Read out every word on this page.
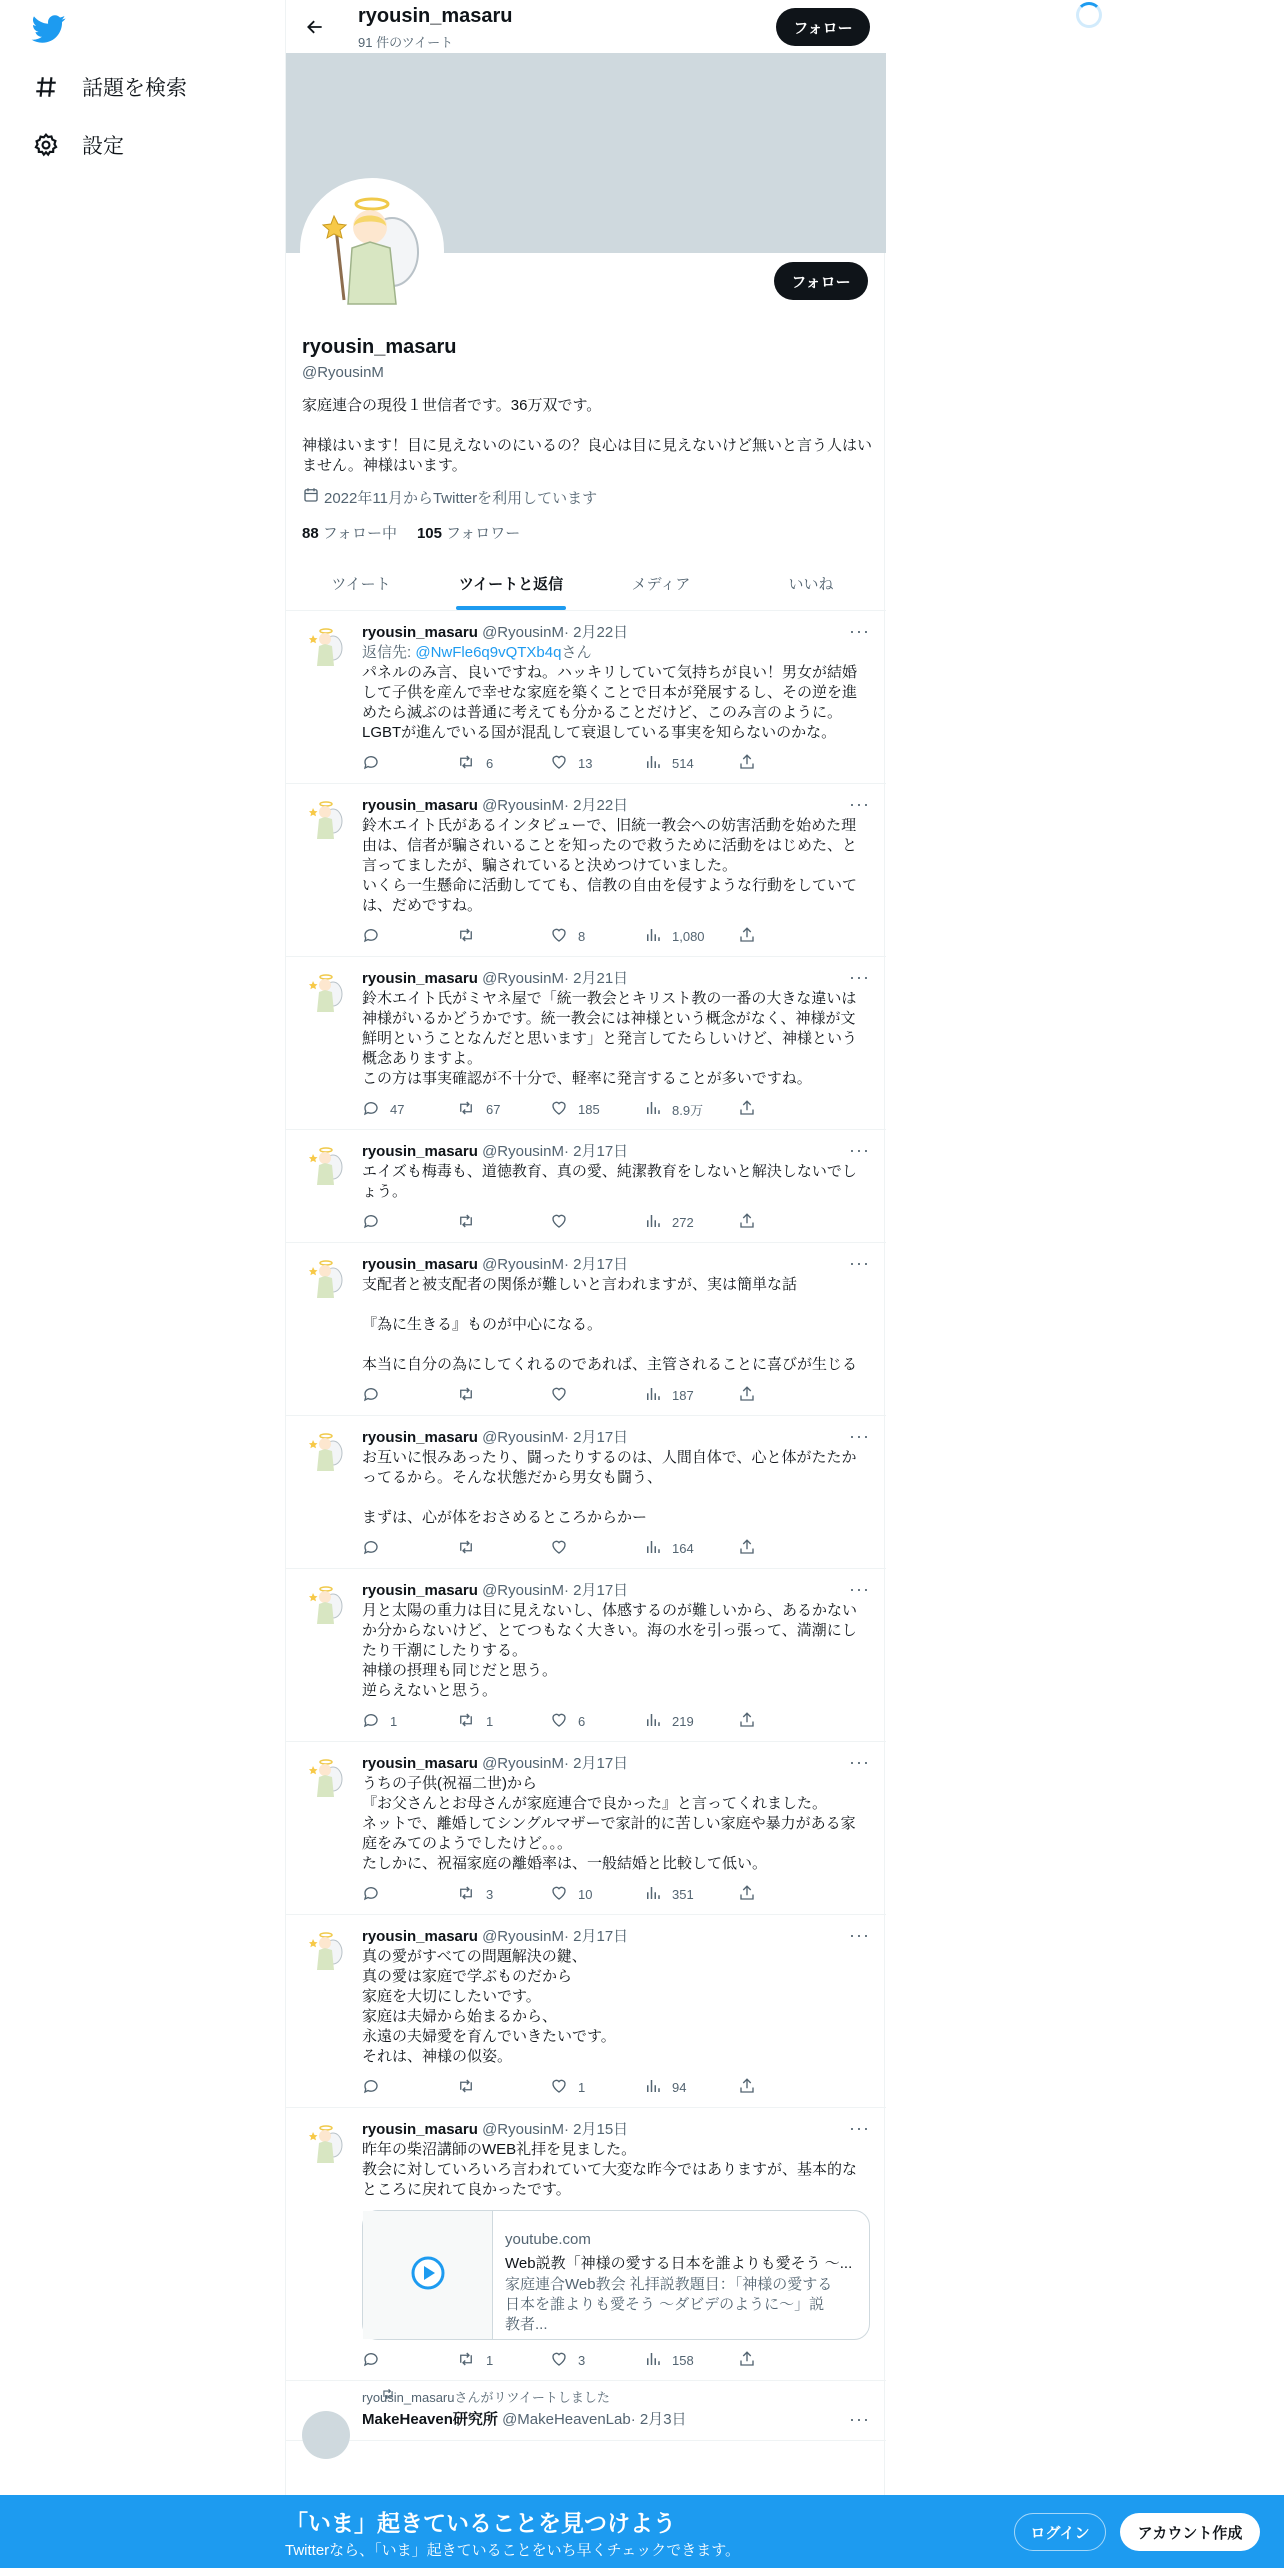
話題を検索
設定
ryousin_masaru
91 件のツイート
フォロー
フォロー
ryousin_masaru
@RyousinM
家庭連合の現役１世信者です。36万双です。

神様はいます！目に見えないのにいるの？良心は目に見えないけど無いと言う人はいません。神様はいます。
2022年11月からTwitterを利用しています
88 フォロー中 105 フォロワー
ツイート	ツイートと返信	メディア	いいね
···
ryousin_masaru @RyousinM· 2月22日
返信先: @NwFle6q9vQTXb4qさん
パネルのみ言、良いですね。ハッキリしていて気持ちが良い！男女が結婚して子供を産んで幸せな家庭を築くことで日本が発展するし、その逆を進めたら滅ぶのは普通に考えても分かることだけど、このみ言のように。LGBTが進んでいる国が混乱して衰退している事実を知らないのかな。
6	13	514
···
ryousin_masaru @RyousinM· 2月22日
鈴木エイト氏があるインタビューで、旧統一教会への妨害活動を始めた理由は、信者が騙されいることを知ったので救うために活動をはじめた、と言ってましたが、騙されていると決めつけていました。
いくら一生懸命に活動してても、信教の自由を侵すような行動をしていては、だめですね。
8	1,080
···
ryousin_masaru @RyousinM· 2月21日
鈴木エイト氏がミヤネ屋で「統一教会とキリスト教の一番の大きな違いは神様がいるかどうかです。統一教会には神様という概念がなく、神様が文鮮明ということなんだと思います」と発言してたらしいけど、神様という概念ありますよ。
この方は事実確認が不十分で、軽率に発言することが多いですね。
47	67	185	8.9万
···
ryousin_masaru @RyousinM· 2月17日
エイズも梅毒も、道徳教育、真の愛、純潔教育をしないと解決しないでしょう。
272
···
ryousin_masaru @RyousinM· 2月17日
支配者と被支配者の関係が難しいと言われますが、実は簡単な話

『為に生きる』ものが中心になる。

本当に自分の為にしてくれるのであれば、主管されることに喜びが生じる
187
···
ryousin_masaru @RyousinM· 2月17日
お互いに恨みあったり、闘ったりするのは、人間自体で、心と体がたたかってるから。そんな状態だから男女も闘う、

まずは、心が体をおさめるところからかー
164
···
ryousin_masaru @RyousinM· 2月17日
月と太陽の重力は目に見えないし、体感するのが難しいから、あるかないか分からないけど、とてつもなく大きい。海の水を引っ張って、満潮にしたり干潮にしたりする。
神様の摂理も同じだと思う。
逆らえないと思う。
1	1	6	219
···
ryousin_masaru @RyousinM· 2月17日
うちの子供(祝福二世)から
『お父さんとお母さんが家庭連合で良かった』と言ってくれました。
ネットで、離婚してシングルマザーで家計的に苦しい家庭や暴力がある家庭をみてのようでしたけど。。。
たしかに、祝福家庭の離婚率は、一般結婚と比較して低い。
3	10	351
···
ryousin_masaru @RyousinM· 2月17日
真の愛がすべての問題解決の鍵、
真の愛は家庭で学ぶものだから
家庭を大切にしたいです。
家庭は夫婦から始まるから、
永遠の夫婦愛を育んでいきたいです。
それは、神様の似姿。
1	94
···
ryousin_masaru @RyousinM· 2月15日
昨年の柴沼講師のWEB礼拝を見ました。
教会に対していろいろ言われていて大変な昨今ではありますが、基本的なところに戻れて良かったです。
youtube.com
Web説教「神様の愛する日本を誰よりも愛そう ～...
家庭連合Web教会 礼拝説教題目：「神様の愛する日本を誰よりも愛そう ～ダビデのように～」説教者...
1	3	158
ryousin_masaruさんがリツイートしました
MakeHeaven研究所 @MakeHeavenLab· 2月3日	···
「いま」起きていることを見つけよう
Twitterなら、「いま」起きていることをいち早くチェックできます。
ログイン	アカウント作成
